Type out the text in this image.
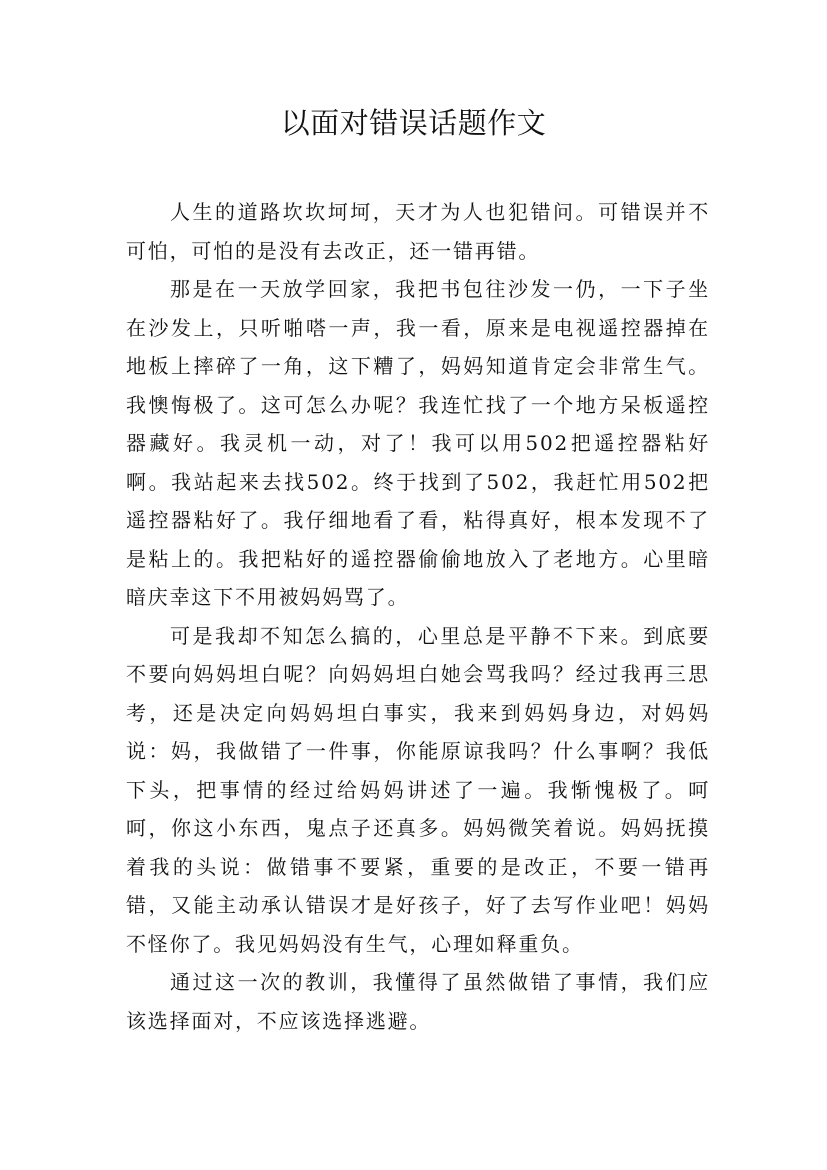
以面对错误话题作文

人生的道路坎坎坷坷，天才为人也犯错问。可错误并不可怕，可怕的是没有去改正，还一错再错。

那是在一天放学回家，我把书包往沙发一仍，一下子坐在沙发上，只听啪嗒一声，我一看，原来是电视遥控器掉在地板上摔碎了一角，这下糟了，妈妈知道肯定会非常生气。我懊悔极了。这可怎么办呢？我连忙找了一个地方呆板遥控器藏好。我灵机一动，对了！我可以用502把遥控器粘好啊。我站起来去找502。终于找到了502，我赶忙用502把遥控器粘好了。我仔细地看了看，粘得真好，根本发现不了是粘上的。我把粘好的遥控器偷偷地放入了老地方。心里暗暗庆幸这下不用被妈妈骂了。

可是我却不知怎么搞的，心里总是平静不下来。到底要不要向妈妈坦白呢？向妈妈坦白她会骂我吗？经过我再三思考，还是决定向妈妈坦白事实，我来到妈妈身边，对妈妈说：妈，我做错了一件事，你能原谅我吗？什么事啊？我低下头，把事情的经过给妈妈讲述了一遍。我惭愧极了。呵呵，你这小东西，鬼点子还真多。妈妈微笑着说。妈妈抚摸着我的头说：做错事不要紧，重要的是改正，不要一错再错，又能主动承认错误才是好孩子，好了去写作业吧！妈妈不怪你了。我见妈妈没有生气，心理如释重负。

通过这一次的教训，我懂得了虽然做错了事情，我们应该选择面对，不应该选择逃避。
